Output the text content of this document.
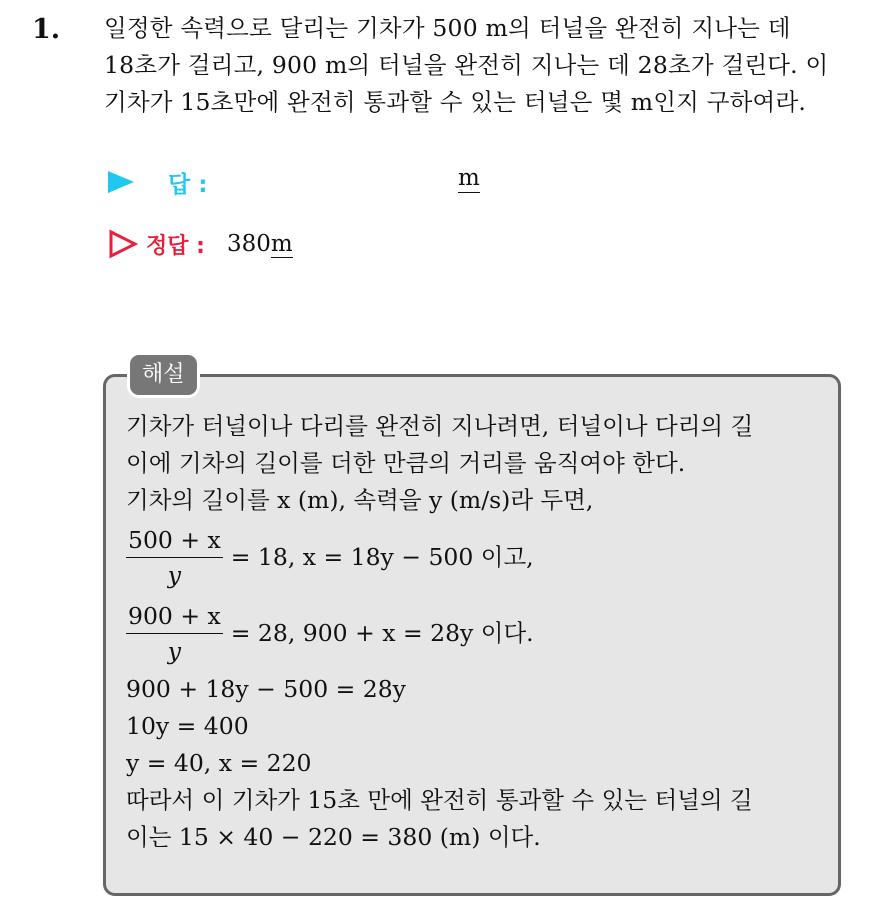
1. 일정한 속력으로 달리는 기차가 500 m의 터널을 완전히 지나는 데
18초가 걸리고, 900 m의 터널을 완전히 지나는 데 28초가 걸린다. 이
기차가 15초만에 완전히 통과할 수 있는 터널은 몇 m인지 구하여라.
답 :	m
정답 : 380m
해설
기차가 터널이나 다리를 완전히 지나려면, 터널이나 다리의 길
이에 기차의 길이를 더한 만큼의 거리를 움직여야 한다.
기차의 길이를 x (m), 속력을 y (m/s)라 두면,
$\frac{500 + x}{y} = 18$, x = 18y − 500 이고,
$\frac{900 + x}{y} = 28$, 900 + x = 28y 이다.
900 + 18y − 500 = 28y
10y = 400
y = 40, x = 220
따라서 이 기차가 15초 만에 완전히 통과할 수 있는 터널의 길
이는 15 × 40 − 220 = 380 (m) 이다.
